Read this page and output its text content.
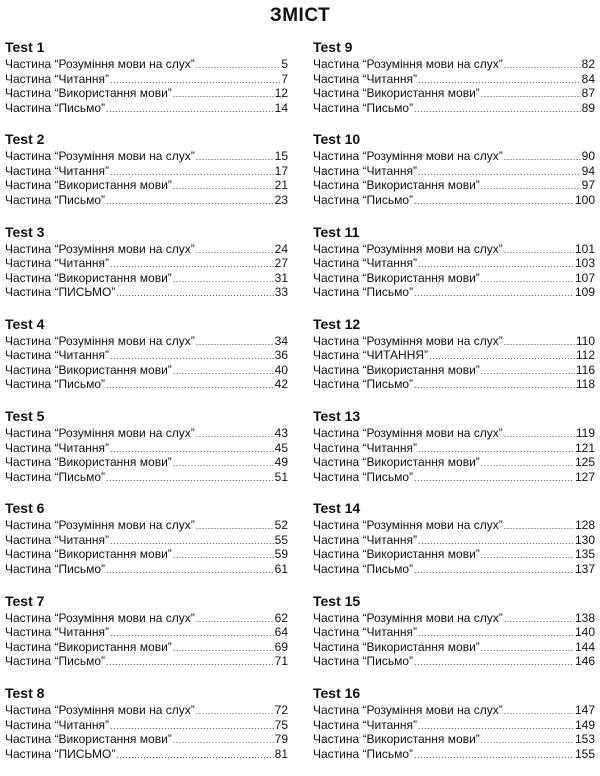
ЗМІСТ
Test 1
Частина “Розуміння мови на слух” .....	5
Частина “Читання” .....	7
Частина “Використання мови” .....	12
Частина “Письмо” .....	14
Test 2
Частина “Розуміння мови на слух” .....	15
Частина “Читання” .....	17
Частина “Використання мови” .....	21
Частина “Письмо” .....	23
Test 3
Частина “Розуміння мови на слух” .....	24
Частина “Читання” .....	27
Частина “Використання мови” .....	31
Частина “ПИСЬМО” .....	33
Test 4
Частина “Розуміння мови на слух” .....	34
Частина “Читання” .....	36
Частина “Використання мови” .....	40
Частина “Письмо” .....	42
Test 5
Частина “Розуміння мови на слух” .....	43
Частина “Читання” .....	45
Частина “Використання мови” .....	49
Частина “Письмо” .....	51
Test 6
Частина “Розуміння мови на слух” .....	52
Частина “Читання” .....	55
Частина “Використання мови” .....	59
Частина “Письмо” .....	61
Test 7
Частина “Розуміння мови на слух” .....	62
Частина “Читання” .....	64
Частина “Використання мови” .....	69
Частина “Письмо” .....	71
Test 8
Частина “Розуміння мови на слух” .....	72
Частина “Читання” .....	75
Частина “Використання мови” .....	79
Частина “ПИСЬМО” .....	81
Test 9
Частина “Розуміння мови на слух” .....	82
Частина “Читання” .....	84
Частина “Використання мови” .....	87
Частина “Письмо” .....	89
Test 10
Частина “Розуміння мови на слух” .....	90
Частина “Читання” .....	94
Частина “Використання мови” .....	97
Частина “Письмо” .....	100
Test 11
Частина “Розуміння мови на слух” .....	101
Частина “Читання” .....	103
Частина “Використання мови” .....	107
Частина “Письмо” .....	109
Test 12
Частина “Розуміння мови на слух” .....	110
Частина “ЧИТАННЯ” .....	112
Частина “Використання мови” .....	116
Частина “Письмо” .....	118
Test 13
Частина “Розуміння мови на слух” .....	119
Частина “Читання” .....	121
Частина “Використання мови” .....	125
Частина “Письмо” .....	127
Test 14
Частина “Розуміння мови на слух” .....	128
Частина “Читання” .....	130
Частина “Використання мови” .....	135
Частина “Письмо” .....	137
Test 15
Частина “Розуміння мови на слух” .....	138
Частина “Читання” .....	140
Частина “Використання мови” .....	144
Частина “Письмо” .....	146
Test 16
Частина “Розуміння мови на слух” .....	147
Частина “Читання” .....	149
Частина “Використання мови” .....	153
Частина “Письмо” .....	155
